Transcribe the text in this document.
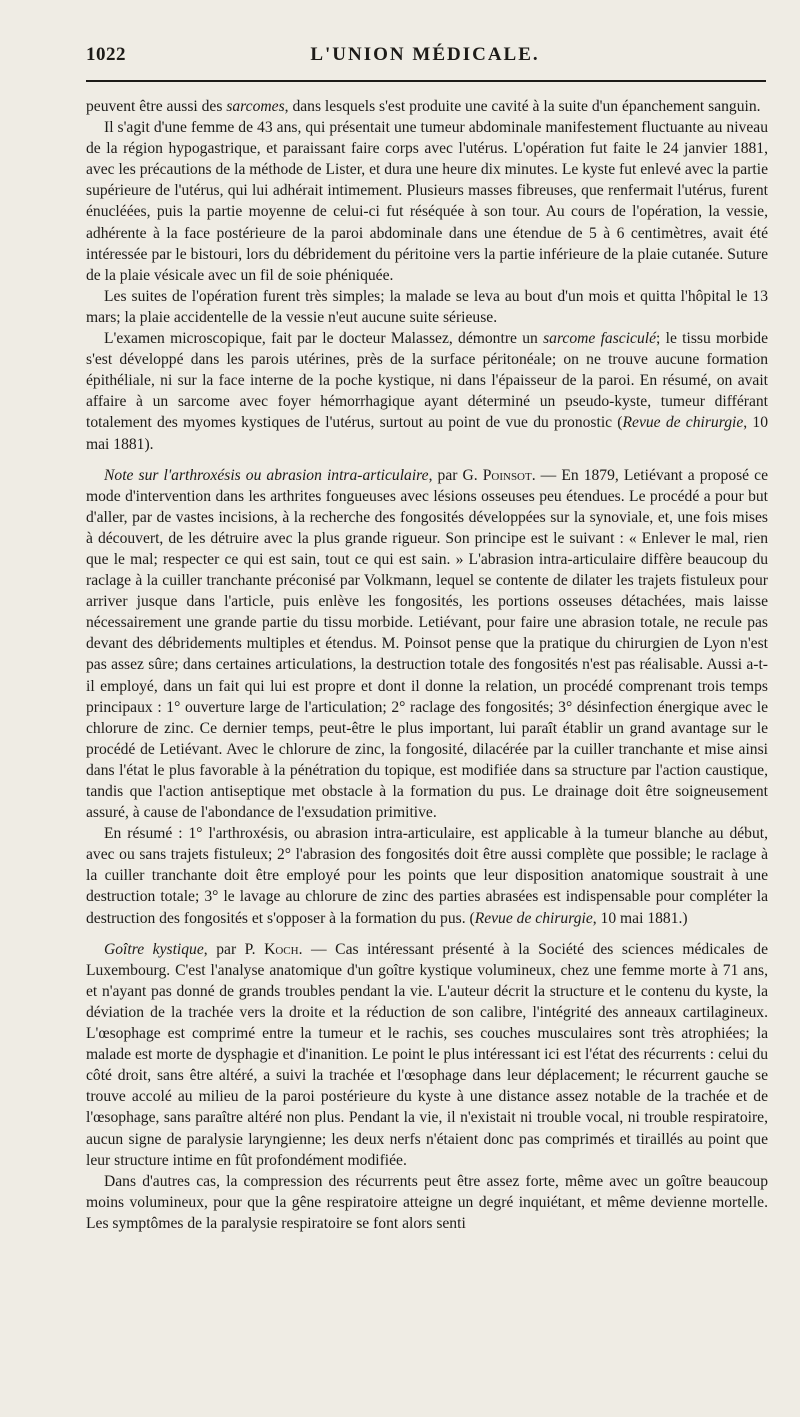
1022	L'UNION MÉDICALE.

peuvent être aussi des sarcomes, dans lesquels s'est produite une cavité à la suite d'un épanchement sanguin.

Il s'agit d'une femme de 43 ans, qui présentait une tumeur abdominale manifestement fluctuante au niveau de la région hypogastrique, et paraissant faire corps avec l'utérus. L'opération fut faite le 24 janvier 1881, avec les précautions de la méthode de Lister, et dura une heure dix minutes. Le kyste fut enlevé avec la partie supérieure de l'utérus, qui lui adhérait intimement. Plusieurs masses fibreuses, que renfermait l'utérus, furent énucléées, puis la partie moyenne de celui-ci fut réséquée à son tour. Au cours de l'opération, la vessie, adhérente à la face postérieure de la paroi abdominale dans une étendue de 5 à 6 centimètres, avait été intéressée par le bistouri, lors du débridement du péritoine vers la partie inférieure de la plaie cutanée. Suture de la plaie vésicale avec un fil de soie phéniquée.

Les suites de l'opération furent très simples; la malade se leva au bout d'un mois et quitta l'hôpital le 13 mars; la plaie accidentelle de la vessie n'eut aucune suite sérieuse.

L'examen microscopique, fait par le docteur Malassez, démontre un sarcome fasciculé; le tissu morbide s'est développé dans les parois utérines, près de la surface péritonéale; on ne trouve aucune formation épithéliale, ni sur la face interne de la poche kystique, ni dans l'épaisseur de la paroi. En résumé, on avait affaire à un sarcome avec foyer hémorrhagique ayant déterminé un pseudo-kyste, tumeur différant totalement des myomes kystiques de l'utérus, surtout au point de vue du pronostic (Revue de chirurgie, 10 mai 1881).

Note sur l'arthroxésis ou abrasion intra-articulaire, par G. Poinsot. — En 1879, Letiévant a proposé ce mode d'intervention dans les arthrites fongueuses avec lésions osseuses peu étendues. Le procédé a pour but d'aller, par de vastes incisions, à la recherche des fongosités développées sur la synoviale, et, une fois mises à découvert, de les détruire avec la plus grande rigueur. Son principe est le suivant : « Enlever le mal, rien que le mal; respecter ce qui est sain, tout ce qui est sain. » L'abrasion intra-articulaire diffère beaucoup du raclage à la cuiller tranchante préconisé par Volkmann, lequel se contente de dilater les trajets fistuleux pour arriver jusque dans l'article, puis enlève les fongosités, les portions osseuses détachées, mais laisse nécessairement une grande partie du tissu morbide. Letiévant, pour faire une abrasion totale, ne recule pas devant des débridements multiples et étendus. M. Poinsot pense que la pratique du chirurgien de Lyon n'est pas assez sûre; dans certaines articulations, la destruction totale des fongosités n'est pas réalisable. Aussi a-t-il employé, dans un fait qui lui est propre et dont il donne la relation, un procédé comprenant trois temps principaux : 1° ouverture large de l'articulation; 2° raclage des fongosités; 3° désinfection énergique avec le chlorure de zinc. Ce dernier temps, peut-être le plus important, lui paraît établir un grand avantage sur le procédé de Letiévant. Avec le chlorure de zinc, la fongosité, dilacérée par la cuiller tranchante et mise ainsi dans l'état le plus favorable à la pénétration du topique, est modifiée dans sa structure par l'action caustique, tandis que l'action antiseptique met obstacle à la formation du pus. Le drainage doit être soigneusement assuré, à cause de l'abondance de l'exsudation primitive.

En résumé : 1° l'arthroxésis, ou abrasion intra-articulaire, est applicable à la tumeur blanche au début, avec ou sans trajets fistuleux; 2° l'abrasion des fongosités doit être aussi complète que possible; le raclage à la cuiller tranchante doit être employé pour les points que leur disposition anatomique soustrait à une destruction totale; 3° le lavage au chlorure de zinc des parties abrasées est indispensable pour compléter la destruction des fongosités et s'opposer à la formation du pus. (Revue de chirurgie, 10 mai 1881.)

Goître kystique, par P. Koch. — Cas intéressant présenté à la Société des sciences médicales de Luxembourg. C'est l'analyse anatomique d'un goître kystique volumineux, chez une femme morte à 71 ans, et n'ayant pas donné de grands troubles pendant la vie. L'auteur décrit la structure et le contenu du kyste, la déviation de la trachée vers la droite et la réduction de son calibre, l'intégrité des anneaux cartilagineux. L'œsophage est comprimé entre la tumeur et le rachis, ses couches musculaires sont très atrophiées; la malade est morte de dysphagie et d'inanition. Le point le plus intéressant ici est l'état des récurrents : celui du côté droit, sans être altéré, a suivi la trachée et l'œsophage dans leur déplacement; le récurrent gauche se trouve accolé au milieu de la paroi postérieure du kyste à une distance assez notable de la trachée et de l'œsophage, sans paraître altéré non plus. Pendant la vie, il n'existait ni trouble vocal, ni trouble respiratoire, aucun signe de paralysie laryngienne; les deux nerfs n'étaient donc pas comprimés et tiraillés au point que leur structure intime en fût profondément modifiée.

Dans d'autres cas, la compression des récurrents peut être assez forte, même avec un goître beaucoup moins volumineux, pour que la gêne respiratoire atteigne un degré inquiétant, et même devienne mortelle. Les symptômes de la paralysie respiratoire se font alors senti
